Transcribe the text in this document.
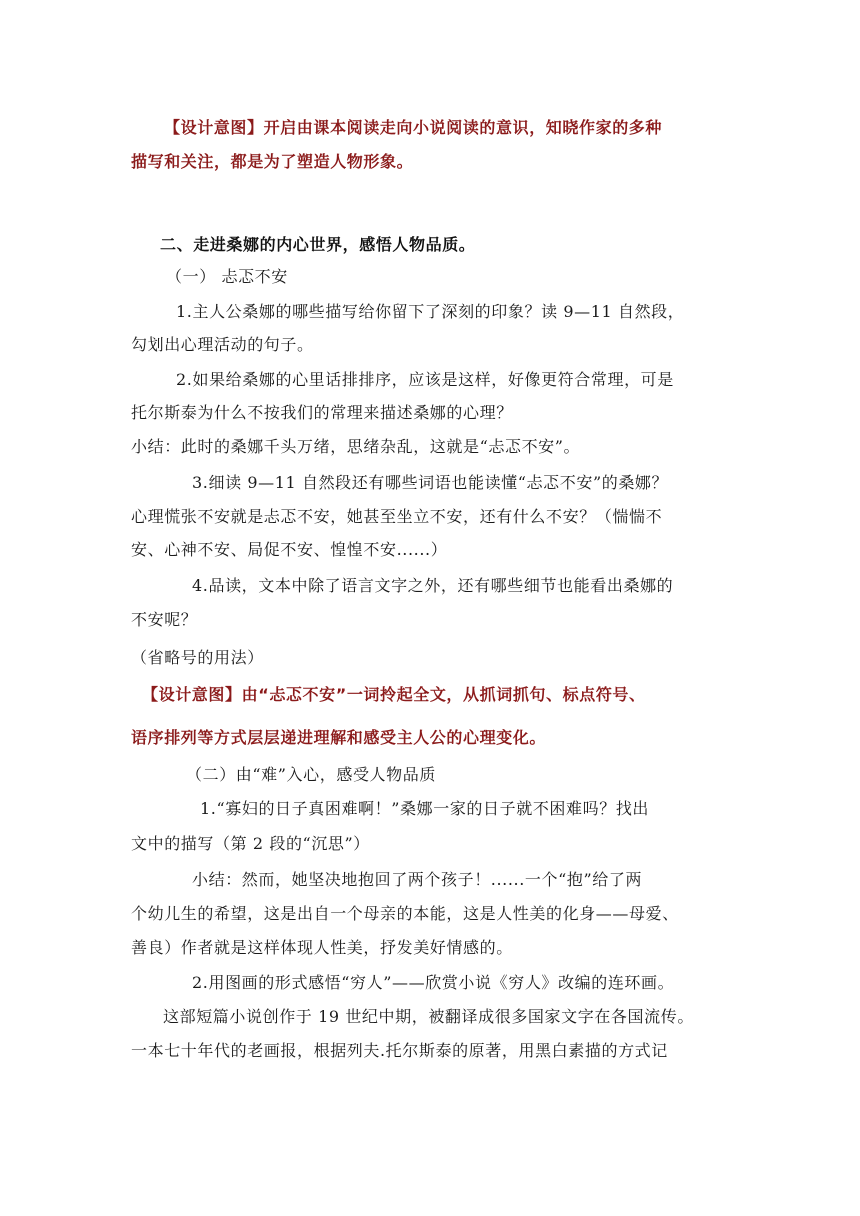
【设计意图】开启由课本阅读走向小说阅读的意识，知晓作家的多种
描写和关注，都是为了塑造人物形象。
二、走进桑娜的内心世界，感悟人物品质。
（一） 忐忑不安
1.主人公桑娜的哪些描写给你留下了深刻的印象？读 9—11 自然段，
勾划出心理活动的句子。
2.如果给桑娜的心里话排排序，应该是这样，好像更符合常理，可是
托尔斯泰为什么不按我们的常理来描述桑娜的心理？
小结：此时的桑娜千头万绪，思绪杂乱，这就是“忐忑不安”。
3.细读 9—11 自然段还有哪些词语也能读懂“忐忑不安”的桑娜？
心理慌张不安就是忐忑不安，她甚至坐立不安，还有什么不安？（惴惴不
安、心神不安、局促不安、惶惶不安......）
4.品读，文本中除了语言文字之外，还有哪些细节也能看出桑娜的
不安呢？
（省略号的用法）
【设计意图】由“忐忑不安”一词拎起全文，从抓词抓句、标点符号、
语序排列等方式层层递进理解和感受主人公的心理变化。
（二）由“难”入心，感受人物品质
1.“寡妇的日子真困难啊！”桑娜一家的日子就不困难吗？找出
文中的描写（第 2 段的“沉思”）
小结：然而，她坚决地抱回了两个孩子！......一个“抱”给了两
个幼儿生的希望，这是出自一个母亲的本能，这是人性美的化身——母爱、
善良）作者就是这样体现人性美，抒发美好情感的。
2.用图画的形式感悟“穷人”——欣赏小说《穷人》改编的连环画。
这部短篇小说创作于 19 世纪中期，被翻译成很多国家文字在各国流传。
一本七十年代的老画报，根据列夫.托尔斯泰的原著，用黑白素描的方式记
